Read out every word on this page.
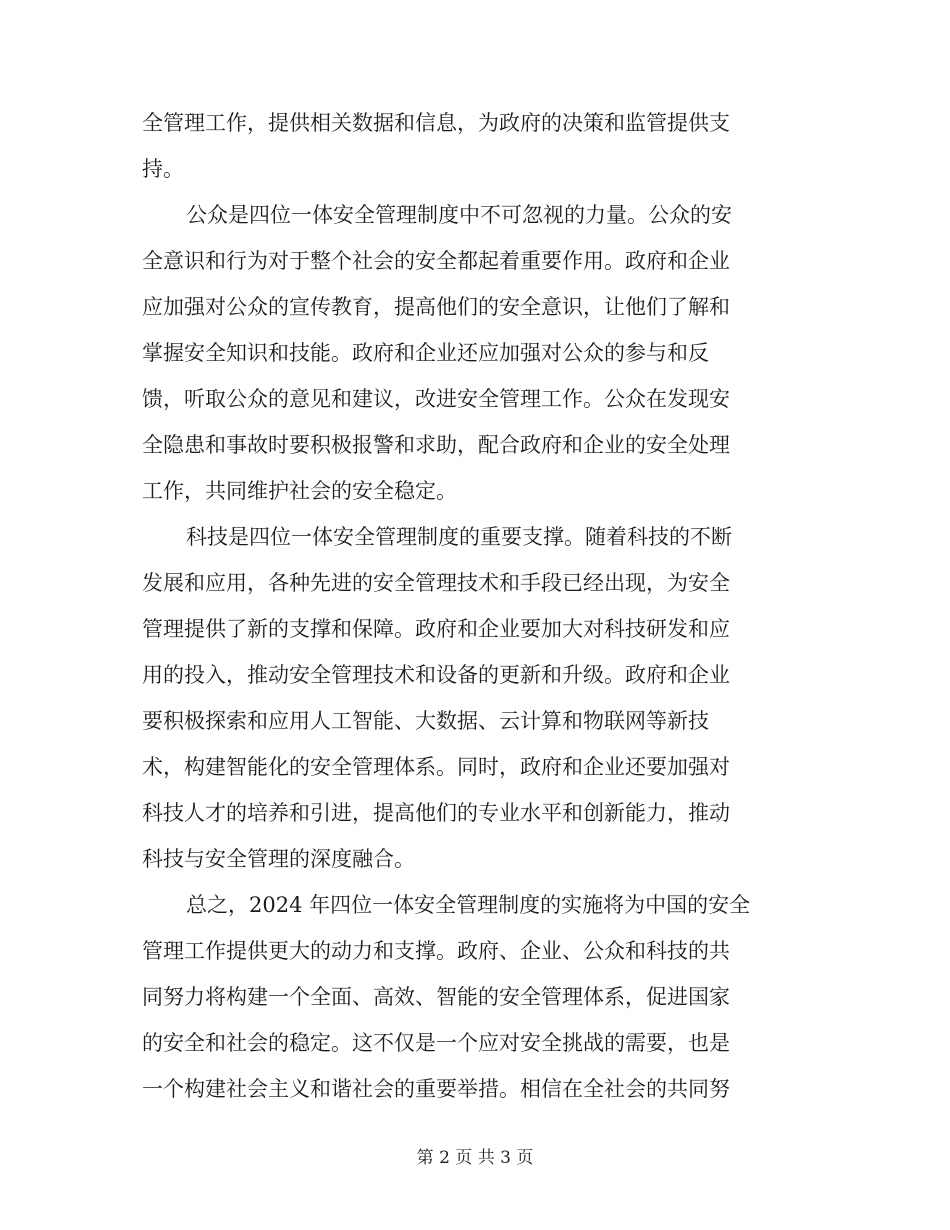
全管理工作，提供相关数据和信息，为政府的决策和监管提供支
持。
公众是四位一体安全管理制度中不可忽视的力量。公众的安
全意识和行为对于整个社会的安全都起着重要作用。政府和企业
应加强对公众的宣传教育，提高他们的安全意识，让他们了解和
掌握安全知识和技能。政府和企业还应加强对公众的参与和反
馈，听取公众的意见和建议，改进安全管理工作。公众在发现安
全隐患和事故时要积极报警和求助，配合政府和企业的安全处理
工作，共同维护社会的安全稳定。
科技是四位一体安全管理制度的重要支撑。随着科技的不断
发展和应用，各种先进的安全管理技术和手段已经出现，为安全
管理提供了新的支撑和保障。政府和企业要加大对科技研发和应
用的投入，推动安全管理技术和设备的更新和升级。政府和企业
要积极探索和应用人工智能、大数据、云计算和物联网等新技
术，构建智能化的安全管理体系。同时，政府和企业还要加强对
科技人才的培养和引进，提高他们的专业水平和创新能力，推动
科技与安全管理的深度融合。
总之，2024 年四位一体安全管理制度的实施将为中国的安全
管理工作提供更大的动力和支撑。政府、企业、公众和科技的共
同努力将构建一个全面、高效、智能的安全管理体系，促进国家
的安全和社会的稳定。这不仅是一个应对安全挑战的需要，也是
一个构建社会主义和谐社会的重要举措。相信在全社会的共同努
第 2 页 共 3 页
